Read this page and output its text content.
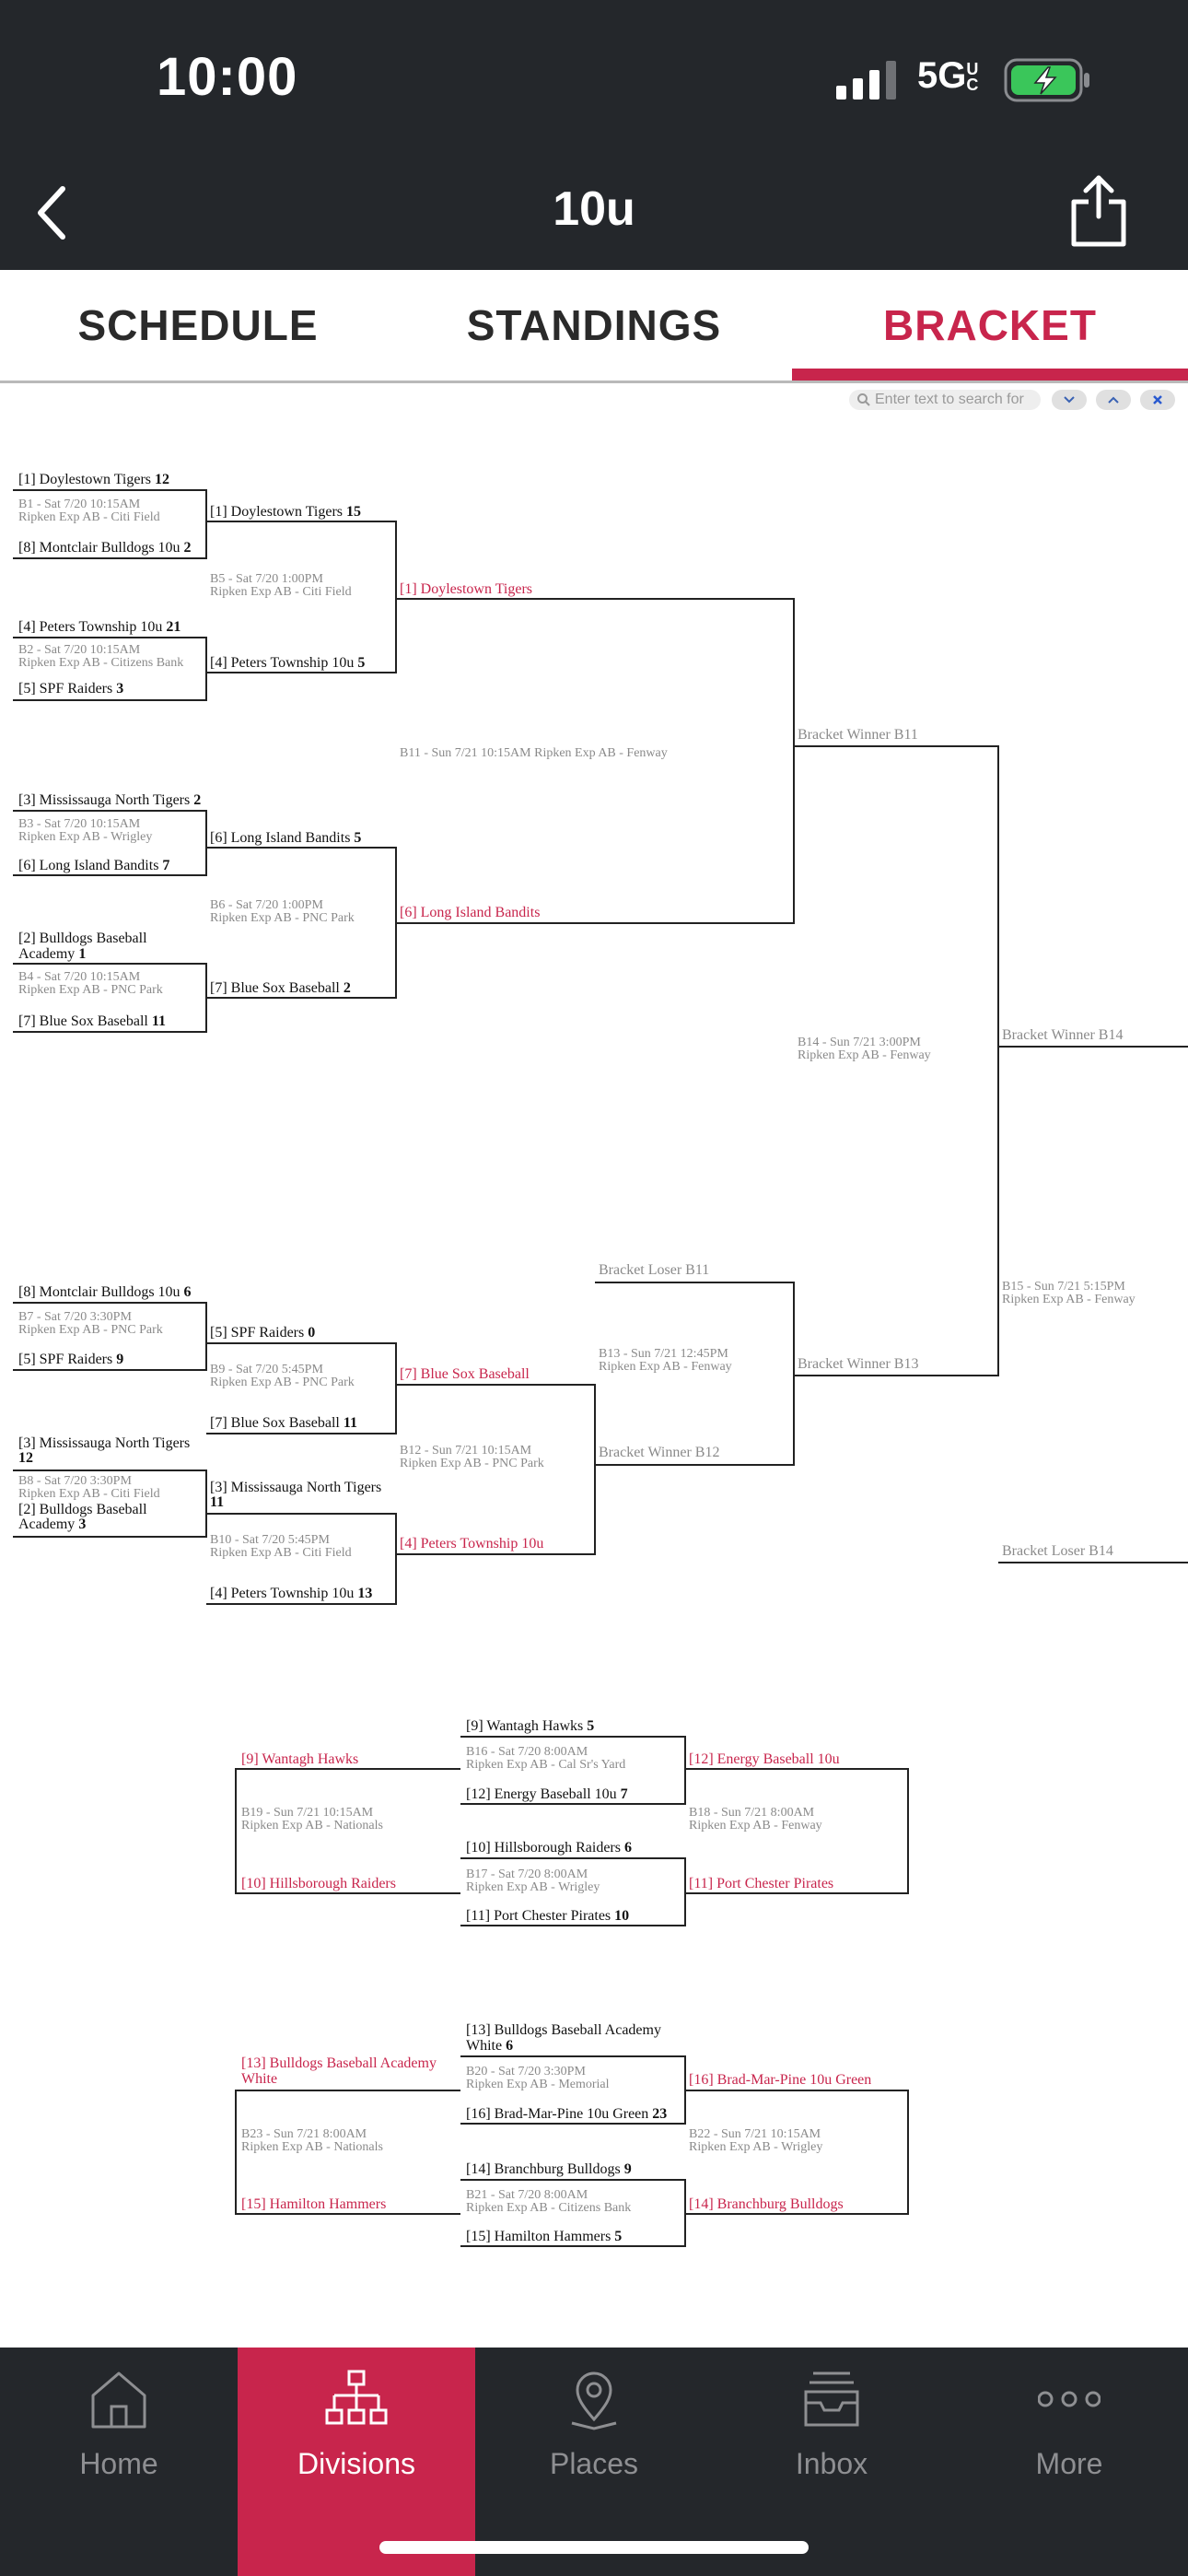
10:00	5GUC
10u
SCHEDULE	STANDINGS	BRACKET
Enter text to search for
[1] Doylestown Tigers 12
B1 - Sat 7/20 10:15AM
Ripken Exp AB - Citi Field
[8] Montclair Bulldogs 10u 2
[4] Peters Township 10u 21
B2 - Sat 7/20 10:15AM
Ripken Exp AB - Citizens Bank
[5] SPF Raiders 3
[3] Mississauga North Tigers 2
B3 - Sat 7/20 10:15AM
Ripken Exp AB - Wrigley
[6] Long Island Bandits 7
[2] Bulldogs Baseball
Academy 1
B4 - Sat 7/20 10:15AM
Ripken Exp AB - PNC Park
[7] Blue Sox Baseball 11
[1] Doylestown Tigers 15
B5 - Sat 7/20 1:00PM
Ripken Exp AB - Citi Field
[4] Peters Township 10u 5
[6] Long Island Bandits 5
B6 - Sat 7/20 1:00PM
Ripken Exp AB - PNC Park
[7] Blue Sox Baseball 2
[1] Doylestown Tigers
B11 - Sun 7/21 10:15AM Ripken Exp AB - Fenway
[6] Long Island Bandits
Bracket Winner B11
B14 - Sun 7/21 3:00PM
Ripken Exp AB - Fenway
Bracket Winner B14
[8] Montclair Bulldogs 10u 6
B7 - Sat 7/20 3:30PM
Ripken Exp AB - PNC Park
[5] SPF Raiders 9
[3] Mississauga North Tigers
12
B8 - Sat 7/20 3:30PM
Ripken Exp AB - Citi Field
[2] Bulldogs Baseball
Academy 3
[5] SPF Raiders 0
B9 - Sat 7/20 5:45PM
Ripken Exp AB - PNC Park
[7] Blue Sox Baseball 11
[3] Mississauga North Tigers
11
B10 - Sat 7/20 5:45PM
Ripken Exp AB - Citi Field
[4] Peters Township 10u 13
[7] Blue Sox Baseball
B12 - Sun 7/21 10:15AM
Ripken Exp AB - PNC Park
[4] Peters Township 10u
Bracket Loser B11
B13 - Sun 7/21 12:45PM
Ripken Exp AB - Fenway
Bracket Winner B12
Bracket Winner B13
B15 - Sun 7/21 5:15PM
Ripken Exp AB - Fenway
Bracket Loser B14
[9] Wantagh Hawks 5
B16 - Sat 7/20 8:00AM
Ripken Exp AB - Cal Sr's Yard
[12] Energy Baseball 10u 7
[10] Hillsborough Raiders 6
B17 - Sat 7/20 8:00AM
Ripken Exp AB - Wrigley
[11] Port Chester Pirates 10
[9] Wantagh Hawks
B19 - Sun 7/21 10:15AM
Ripken Exp AB - Nationals
[10] Hillsborough Raiders
[12] Energy Baseball 10u
B18 - Sun 7/21 8:00AM
Ripken Exp AB - Fenway
[11] Port Chester Pirates
[13] Bulldogs Baseball Academy
White 6
B20 - Sat 7/20 3:30PM
Ripken Exp AB - Memorial
[16] Brad-Mar-Pine 10u Green 23
[14] Branchburg Bulldogs 9
B21 - Sat 7/20 8:00AM
Ripken Exp AB - Citizens Bank
[15] Hamilton Hammers 5
[13] Bulldogs Baseball Academy
White
B23 - Sun 7/21 8:00AM
Ripken Exp AB - Nationals
[15] Hamilton Hammers
[16] Brad-Mar-Pine 10u Green
B22 - Sun 7/21 10:15AM
Ripken Exp AB - Wrigley
[14] Branchburg Bulldogs
Home	Divisions	Places	Inbox	More
